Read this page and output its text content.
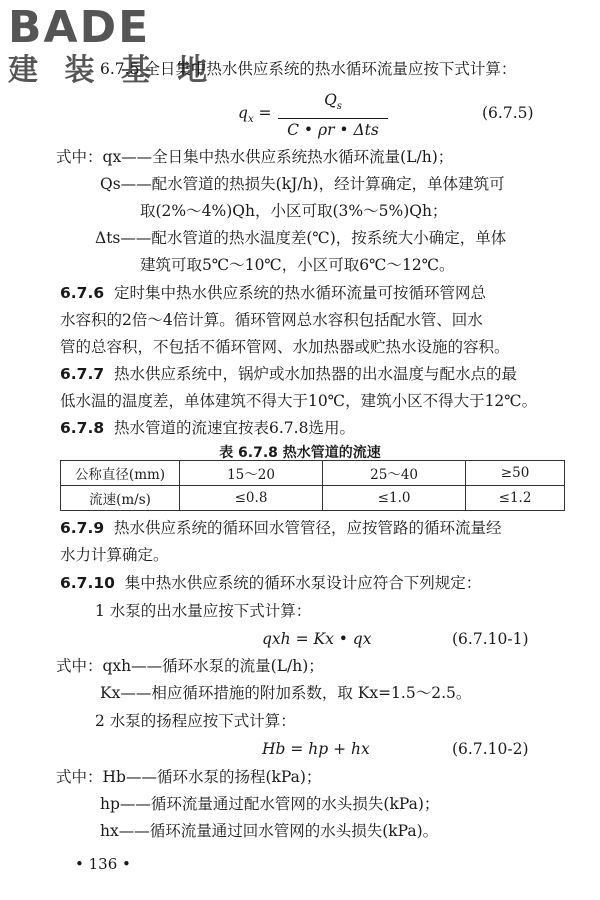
BADE
建 装 基 地
6.7.5 全日集中热水供应系统的热水循环流量应按下式计算：
$q_x$ =
$Q_s$
C • ρr • Δts
(6.7.5)
式中：qx——全日集中热水供应系统热水循环流量(L/h)；
Qs——配水管道的热损失(kJ/h)，经计算确定，单体建筑可
取(2%～4%)Qh，小区可取(3%～5%)Qh；
Δts——配水管道的热水温度差(℃)，按系统大小确定，单体
建筑可取5℃～10℃，小区可取6℃～12℃。
6.7.6 定时集中热水供应系统的热水循环流量可按循环管网总
水容积的2倍～4倍计算。循环管网总水容积包括配水管、回水
管的总容积，不包括不循环管网、水加热器或贮热水设施的容积。
6.7.7 热水供应系统中，锅炉或水加热器的出水温度与配水点的最
低水温的温度差，单体建筑不得大于10℃，建筑小区不得大于12℃。
6.7.8 热水管道的流速宜按表6.7.8选用。
表 6.7.8 热水管道的流速
公称直径(mm)	15～20	25～40	≥50
流速(m/s)	≤0.8	≤1.0	≤1.2
6.7.9 热水供应系统的循环回水管管径，应按管路的循环流量经
水力计算确定。
6.7.10 集中热水供应系统的循环水泵设计应符合下列规定：
1 水泵的出水量应按下式计算：
qxh = Kx • qx	(6.7.10-1)
式中：qxh——循环水泵的流量(L/h)；
Kx——相应循环措施的附加系数，取 Kx=1.5～2.5。
2 水泵的扬程应按下式计算：
Hb = hp + hx	(6.7.10-2)
式中：Hb——循环水泵的扬程(kPa)；
hp——循环流量通过配水管网的水头损失(kPa)；
hx——循环流量通过回水管网的水头损失(kPa)。
• 136 •
